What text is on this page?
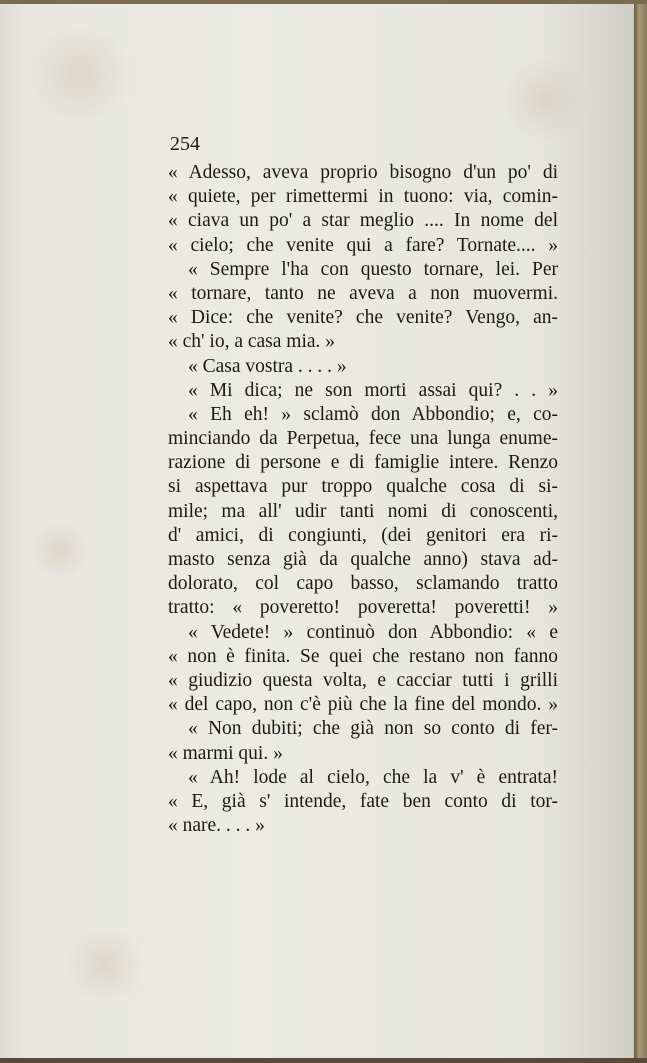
254
« Adesso, aveva proprio bisogno d'un po' di
« quiete, per rimettermi in tuono: via, comin-
« ciava un po' a star meglio .... In nome del
« cielo; che venite qui a fare? Tornate.... »
« Sempre l'ha con questo tornare, lei. Per
« tornare, tanto ne aveva a non muovermi.
« Dice: che venite? che venite? Vengo, an-
« ch' io, a casa mia. »
« Casa vostra . . . . »
« Mi dica; ne son morti assai qui? . . »
« Eh eh! » sclamò don Abbondio; e, co-
minciando da Perpetua, fece una lunga enume-
razione di persone e di famiglie intere. Renzo
si aspettava pur troppo qualche cosa di si-
mile; ma all' udir tanti nomi di conoscenti,
d' amici, di congiunti, (dei genitori era ri-
masto senza già da qualche anno) stava ad-
dolorato, col capo basso, sclamando tratto
tratto: « poveretto! poveretta! poveretti! »
« Vedete! » continuò don Abbondio: « e
« non è finita. Se quei che restano non fanno
« giudizio questa volta, e cacciar tutti i grilli
« del capo, non c'è più che la fine del mondo. »
« Non dubiti; che già non so conto di fer-
« marmi qui. »
« Ah! lode al cielo, che la v' è entrata!
« E, già s' intende, fate ben conto di tor-
« nare. . . . »
